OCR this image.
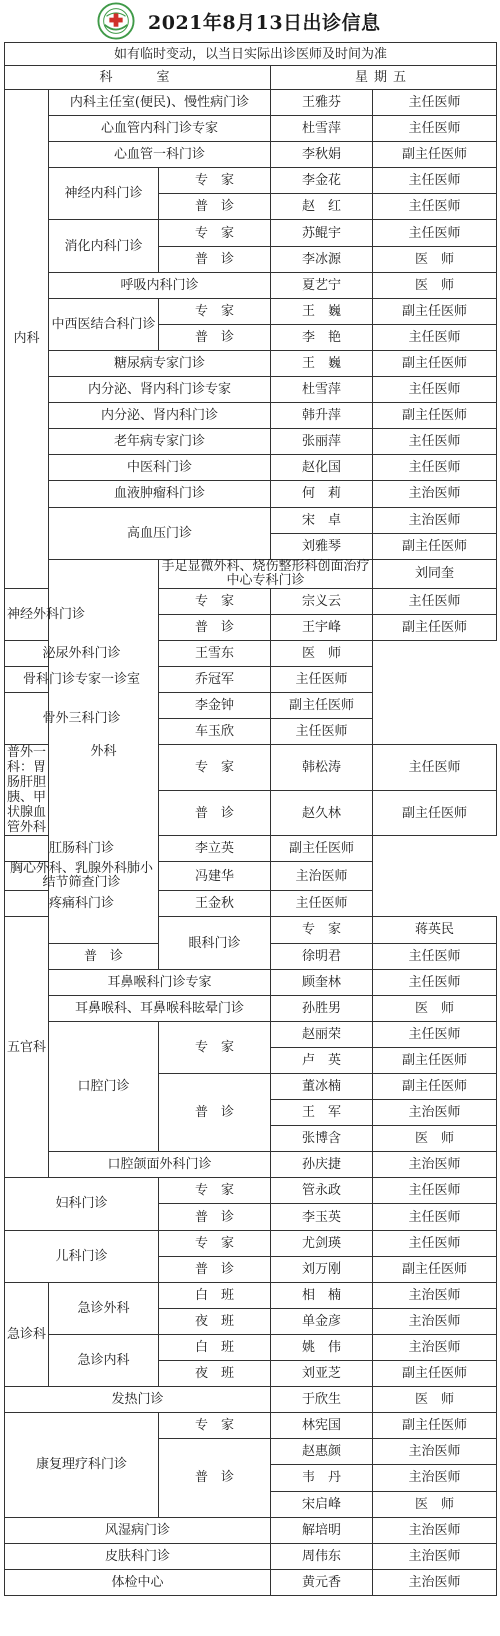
2021年8月13日出诊信息
如有临时变动，以当日实际出诊医师及时间为准					
科　　室			星期五		
内科	内科主任室(便民)、慢性病门诊		王雅芬	主任医师	
	心血管内科门诊专家		杜雪萍	主任医师	
	心血管一科门诊		李秋娟	副主任医师	
	神经内科门诊	专　家	李金花	主任医师	
		普　诊	赵　红	主任医师	
	消化内科门诊	专　家	苏鲲宇	主任医师	
		普　诊	李冰源	医　师	
	呼吸内科门诊		夏艺宁	医　师	
	中西医结合科门诊	专　家	王　巍	副主任医师	
		普　诊	李　艳	主任医师	
	糖尿病专家门诊		王　巍	副主任医师	
	内分泌、肾内科门诊专家		杜雪萍	主任医师	
	内分泌、肾内科门诊		韩升萍	副主任医师	
	老年病专家门诊		张丽萍	主任医师	
	中医科门诊		赵化国	主任医师	
	血液肿瘤科门诊		何　莉	主治医师	
	高血压门诊		宋　卓	主治医师	
			刘雅琴	副主任医师	
	外科	手足显微外科、烧伤整形科创面治疗中心专科门诊		刘同奎	
神经外科门诊		专　家	宗义云	主任医师	
		普　诊	王宇峰	副主任医师	
泌尿外科门诊		王雪东	医　师		
骨科门诊专家一诊室		乔冠军	主任医师		
骨外三科门诊		李金钟	副主任医师		
		车玉欣	主任医师		
普外一科：胃肠肝胆胰、甲状腺血管外科		专　家	韩松涛	主任医师	
		普　诊	赵久林	副主任医师	
肛肠科门诊		李立英	副主任医师		
胸心外科、乳腺外科肺小结节筛查门诊		冯建华	主治医师		
疼痛科门诊		王金秋	主任医师		
五官科		眼科门诊	专　家	蒋英民	
	普　诊		徐明君	主任医师	
	耳鼻喉科门诊专家		顾奎林	主任医师	
	耳鼻喉科、耳鼻喉科眩晕门诊		孙胜男	医　师	
	口腔门诊	专　家	赵丽荣	主任医师	
			卢　英	副主任医师	
		普　诊	董冰楠	副主任医师	
			王　军	主治医师	
			张博含	医　师	
	口腔颌面外科门诊		孙庆捷	主治医师	
妇科门诊		专　家	管永政	主任医师	
		普　诊	李玉英	主任医师	
儿科门诊		专　家	尤剑瑛	主任医师	
		普　诊	刘万刚	副主任医师	
急诊科	急诊外科	白　班	相　楠	主治医师	
		夜　班	单金彦	主治医师	
	急诊内科	白　班	姚　伟	主治医师	
		夜　班	刘亚芝	副主任医师	
发热门诊			于欣生	医　师	
康复理疗科门诊		专　家	林宪国	副主任医师	
		普　诊	赵惠颜	主治医师	
			韦　丹	主治医师	
			宋启峰	医　师	
风湿病门诊			解培明	主治医师	
皮肤科门诊			周伟东	主治医师	
体检中心			黄元香	主治医师	
